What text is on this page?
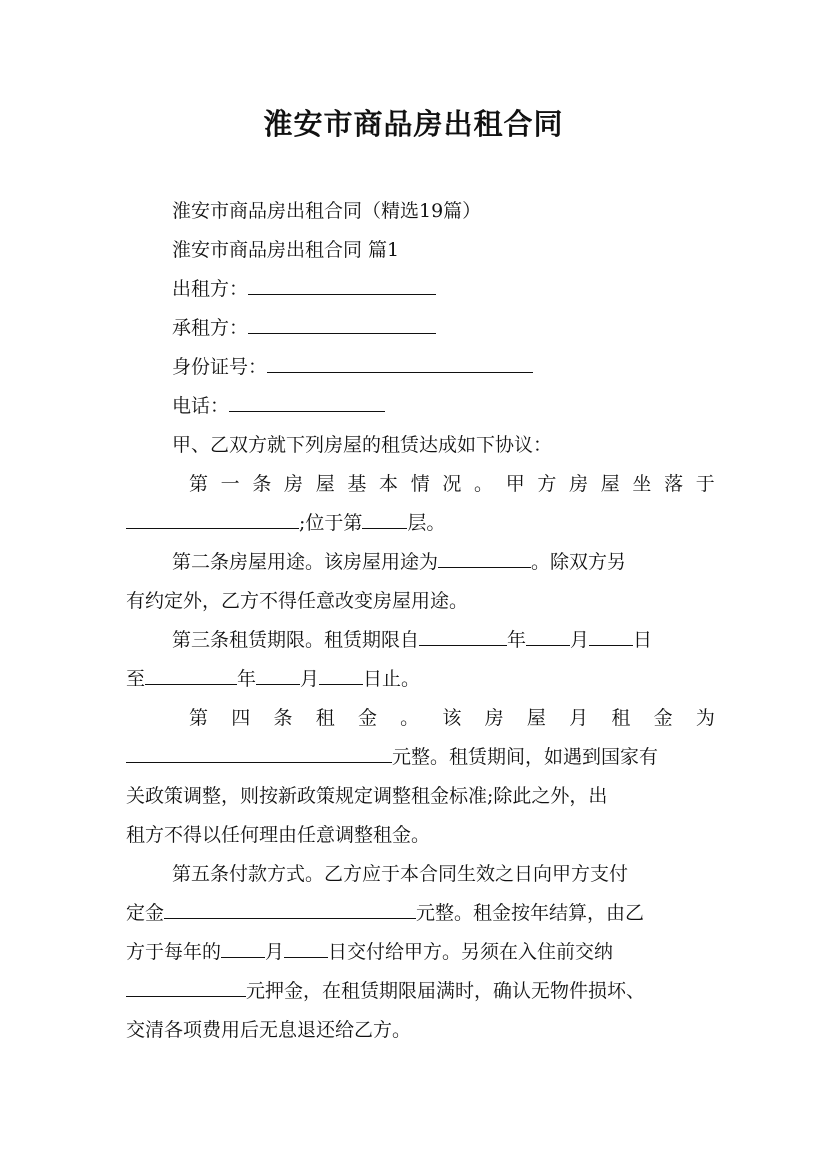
淮安市商品房出租合同
淮安市商品房出租合同（精选19篇）
淮安市商品房出租合同 篇1
出租方：
承租方：
身份证号：
电话：
甲、乙双方就下列房屋的租赁达成如下协议：
第 一 条 房 屋 基 本 情 况 。 甲 方 房 屋 坐 落 于
;位于第 层。
第二条房屋用途。该房屋用途为	。除双方另
有约定外，乙方不得任意改变房屋用途。
第三条租赁期限。租赁期限自	年 月 日
至	年 月 日止。
第 四 条 租 金 。 该 房 屋 月 租 金 为
元整。租赁期间，如遇到国家有
关政策调整，则按新政策规定调整租金标准;除此之外，出
租方不得以任何理由任意调整租金。
第五条付款方式。乙方应于本合同生效之日向甲方支付
定金	元整。租金按年结算，由乙
方于每年的 月 日交付给甲方。另须在入住前交纳
元押金，在租赁期限届满时，确认无物件损坏、
交清各项费用后无息退还给乙方。
